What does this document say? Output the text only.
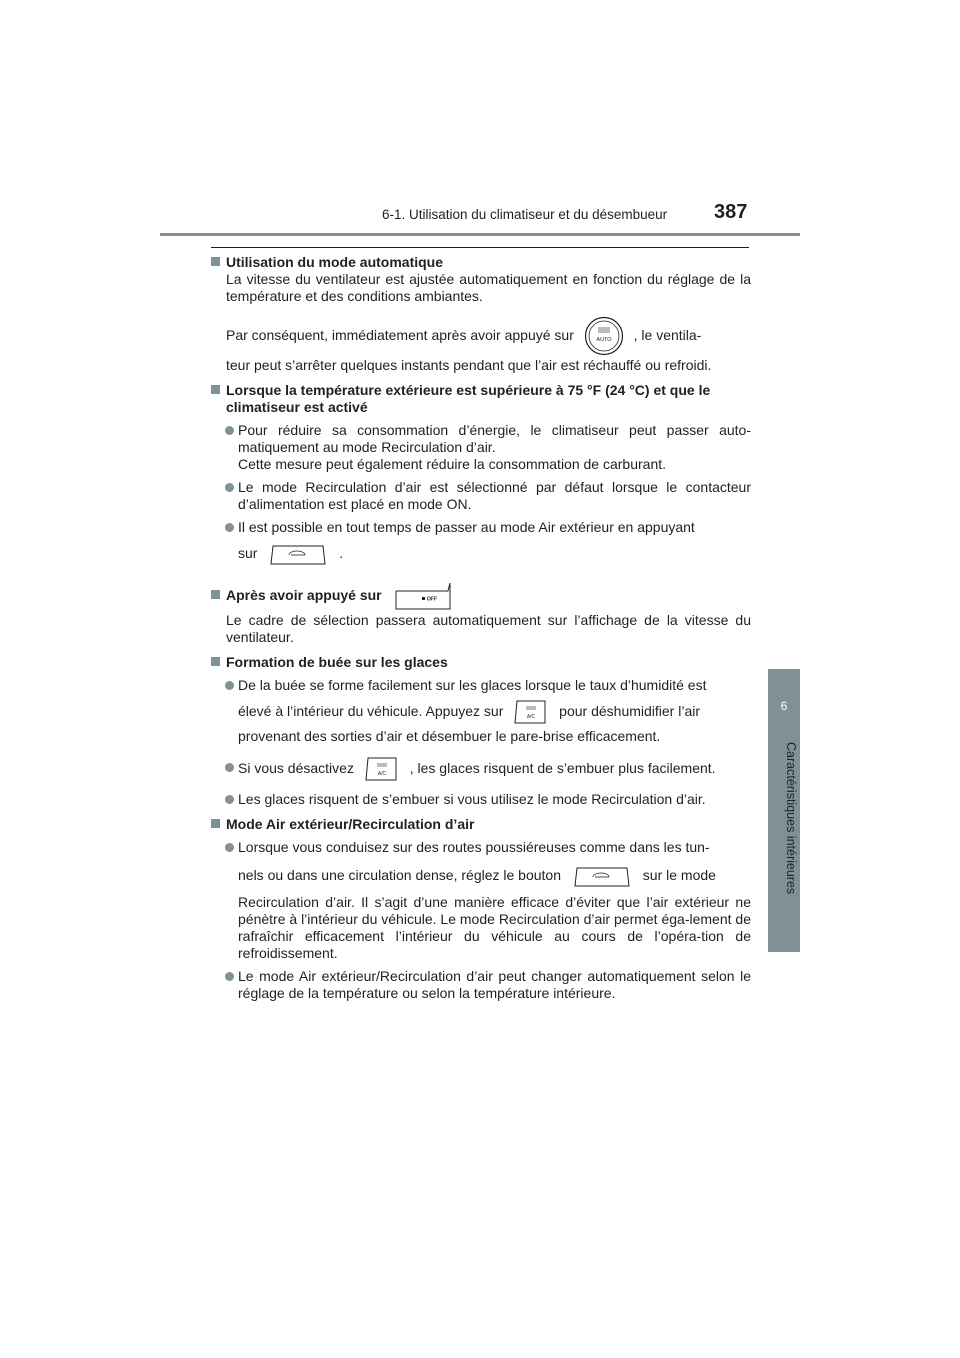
6-1. Utilisation du climatiseur et du désembueur 387
6
Caractéristiques intérieures
Utilisation du mode automatique
La vitesse du ventilateur est ajustée automatiquement en fonction du réglage de la température et des conditions ambiantes.
Par conséquent, immédiatement après avoir appuyé sur	AUTO , le ventila-
teur peut s’arrêter quelques instants pendant que l’air est réchauffé ou refroidi.
Lorsque la température extérieure est supérieure à 75 °F (24 °C) et que le climatiseur est activé
Pour réduire sa consommation d’énergie, le climatiseur peut passer auto-matiquement au mode Recirculation d’air.
Cette mesure peut également réduire la consommation de carburant.
Le mode Recirculation d’air est sélectionné par défaut lorsque le contacteur d’alimentation est placé en mode ON.
Il est possible en tout temps de passer au mode Air extérieur en appuyant
sur	.
Après avoir appuyé sur	OFF
Le cadre de sélection passera automatiquement sur l’affichage de la vitesse du ventilateur.
Formation de buée sur les glaces
De la buée se forme facilement sur les glaces lorsque le taux d’humidité est
élevé à l’intérieur du véhicule. Appuyez sur	A/C pour déshumidifier l’air
provenant des sorties d’air et désembuer le pare-brise efficacement.
Si vous désactivez	A/C , les glaces risquent de s’embuer plus facilement.
Les glaces risquent de s’embuer si vous utilisez le mode Recirculation d’air.
Mode Air extérieur/Recirculation d’air
Lorsque vous conduisez sur des routes poussiéreuses comme dans les tun-
nels ou dans une circulation dense, réglez le bouton	sur le mode
Recirculation d’air. Il s’agit d’une manière efficace d’éviter que l’air extérieur ne pénètre à l’intérieur du véhicule. Le mode Recirculation d’air permet éga-lement de rafraîchir efficacement l’intérieur du véhicule au cours de l’opéra-tion de refroidissement.
Le mode Air extérieur/Recirculation d’air peut changer automatiquement selon le réglage de la température ou selon la température intérieure.
